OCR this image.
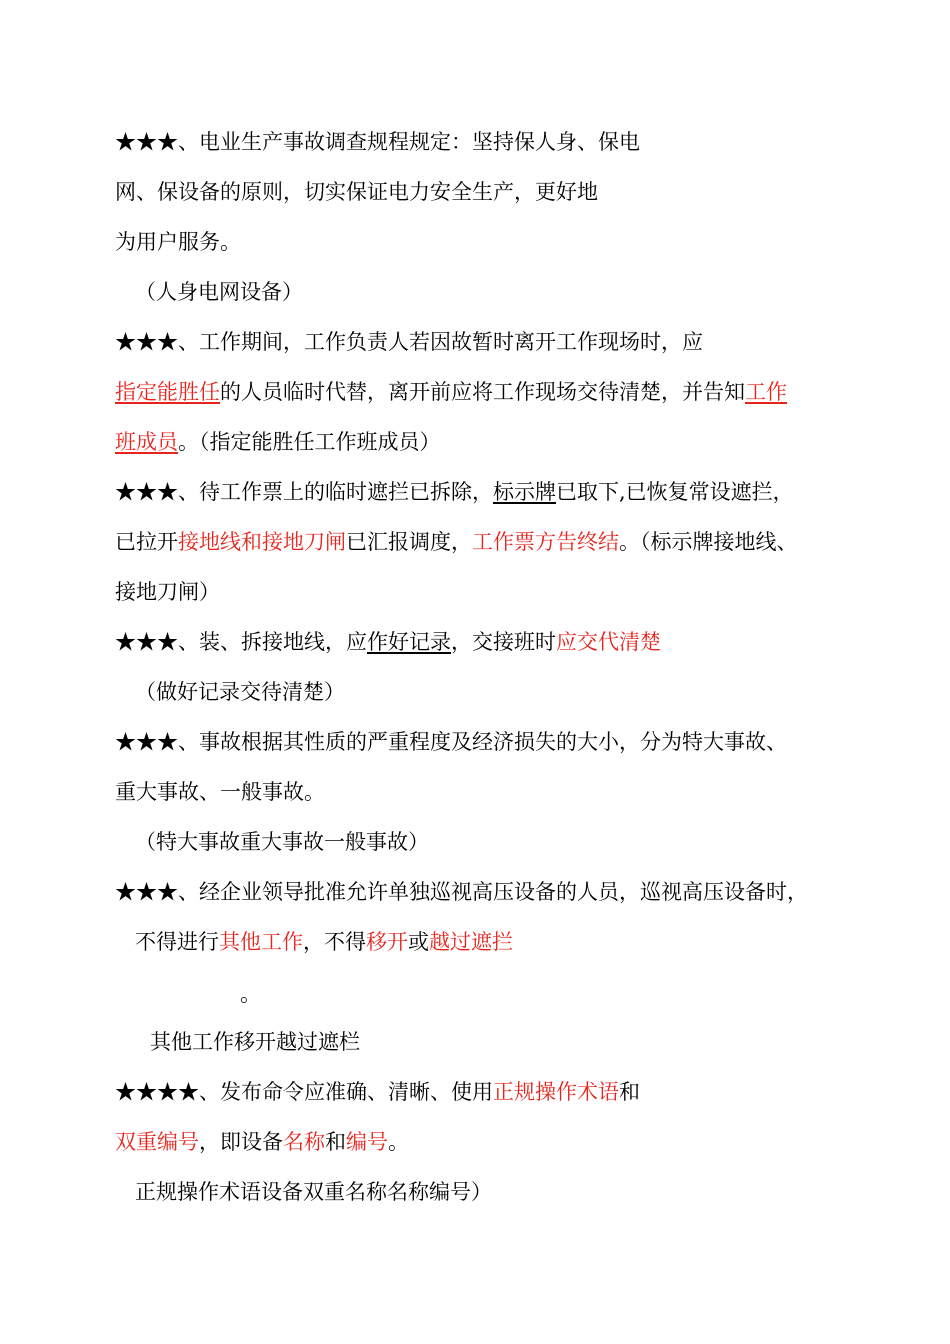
★★★、电业生产事故调查规程规定：坚持保人身、保电
网、保设备的原则，切实保证电力安全生产，更好地
为用户服务。
（人身电网设备）
★★★、工作期间，工作负责人若因故暂时离开工作现场时，应
指定能胜任的人员临时代替，离开前应将工作现场交待清楚，并告知工作
班成员。（指定能胜任工作班成员）
★★★、待工作票上的临时遮拦已拆除，标示牌已取下,已恢复常设遮拦，
已拉开接地线和接地刀闸已汇报调度，工作票方告终结。（标示牌接地线、
接地刀闸）
★★★、装、拆接地线，应作好记录，交接班时应交代清楚
（做好记录交待清楚）
★★★、事故根据其性质的严重程度及经济损失的大小，分为特大事故、
重大事故、一般事故。
（特大事故重大事故一般事故）
★★★、经企业领导批准允许单独巡视高压设备的人员，巡视高压设备时，
不得进行其他工作，不得移开或越过遮拦
。
其他工作移开越过遮栏
★★★★、发布命令应准确、清晰、使用正规操作术语和
双重编号，即设备名称和编号。
正规操作术语设备双重名称名称编号）
